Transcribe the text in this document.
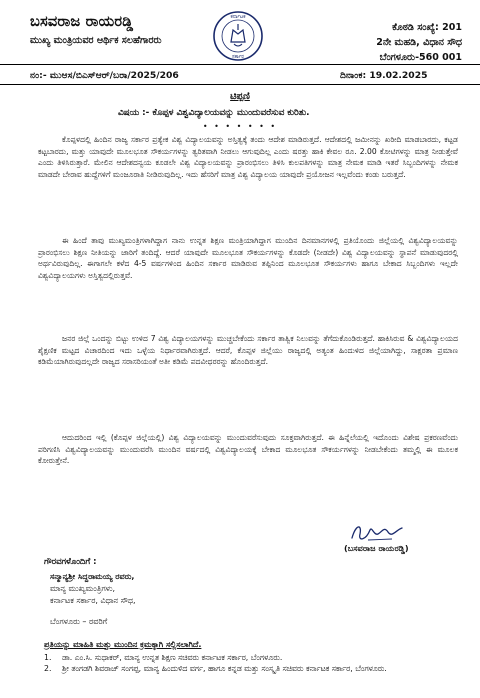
ಬಸವರಾಜ ರಾಯರಡ್ಡಿ
ಮುಖ್ಯ ಮಂತ್ರಿಯವರ ಆರ್ಥಿಕ ಸಲಹೆಗಾರರು
ಕರ್ನಾಟಕ
ಸರ್ಕಾರ
ಕೊಠಡಿ ಸಂಖ್ಯೆ: 201
2ನೇ ಮಹಡಿ, ವಿಧಾನ ಸೌಧ
ಬೆಂಗಳೂರು-560 001
ನಂ:- ಮುಆಸ/ಬಿಎಸ್‌ಆರ್/ಬರಾ/2025/206	ದಿನಾಂಕ: 19.02.2025
ಟಿಪ್ಪಣಿ
ವಿಷಯ :- ಕೊಪ್ಪಳ ವಿಶ್ವವಿದ್ಯಾಲಯವನ್ನು ಮುಂದುವರೆಸುವ ಕುರಿತು.
• • • • • • •

ಕೊಪ್ಪಳದಲ್ಲಿ ಹಿಂದಿನ ರಾಜ್ಯ ಸರ್ಕಾರ ಪ್ರತ್ಯೇಕ ವಿಶ್ವ ವಿದ್ಯಾಲಯವನ್ನು ಅಸ್ತಿತ್ವಕ್ಕೆ ತಂದು ಆದೇಶ ಮಾಡಿರುತ್ತದೆ. ಆದೇಶದಲ್ಲಿ ಜಮೀನನ್ನು ಖರೀದಿ ಮಾಡಬಾರದು, ಕಟ್ಟಡ ಕಟ್ಟಬಾರದು, ಮತ್ತು ಯಾವುದೇ ಮೂಲಭೂತ ಸೌಕರ್ಯಗಳನ್ನು ತ್ವರಿತವಾಗಿ ನೀಡಲು ಆಗುವುದಿಲ್ಲ ಎಂದು ಷರತ್ತು ಹಾಕಿ ಕೇವಲ ರೂ. 2.00 ಕೋಟಿಗಳನ್ನು ಮಾತ್ರ ನೀಡುತ್ತೇವೆ ಎಂದು ತಿಳಿಸಿರುತ್ತಾರೆ. ಮೇಲಿನ ಆದೇಶದನ್ವಯ ಕೂಡಲೇ ವಿಶ್ವ ವಿದ್ಯಾಲಯವನ್ನು ಪ್ರಾರಂಭಿಸಲು ತಿಳಿಸಿ ಕುಲಪತಿಗಳನ್ನು ಮಾತ್ರ ನೇಮಕ ಮಾಡಿ ಇತರೆ ಸಿಬ್ಬಂದಿಗಳನ್ನು ನೇಮಕ ಮಾಡದೇ ಬೇರಾವ ಹುದ್ದೆಗಳಿಗೆ ಮಂಜೂರಾತಿ ನೀಡಿರುವುದಿಲ್ಲ. ಇದು ಹೆಸರಿಗೆ ಮಾತ್ರ ವಿಶ್ವ ವಿದ್ಯಾಲಯ ಯಾವುದೇ ಪ್ರಯೋಜನ ಇಲ್ಲವೆಂದು ಕಂಡು ಬರುತ್ತದೆ.

ಈ ಹಿಂದೆ ತಾವು ಮುಖ್ಯಮಂತ್ರಿಗಳಾಗಿದ್ದಾಗ ನಾನು ಉನ್ನತ ಶಿಕ್ಷಣ ಮಂತ್ರಿಯಾಗಿದ್ದಾಗ ಮುಂದಿನ ದಿನಮಾನಗಳಲ್ಲಿ ಪ್ರತಿಯೊಂದು ಜಿಲ್ಲೆಯಲ್ಲಿ ವಿಶ್ವವಿದ್ಯಾಲಯವನ್ನು ಪ್ರಾರಂಭಿಸಲು ಶಿಕ್ಷಣ ನೀತಿಯನ್ನು ಜಾರಿಗೆ ತಂದಿದ್ದೆ. ಆದರೆ ಯಾವುದೇ ಮೂಲಭೂತ ಸೌಕರ್ಯಗಳನ್ನು ಕೊಡದೇ (ನೀಡದೇ) ವಿಶ್ವ ವಿದ್ಯಾಲಯವನ್ನು ಸ್ಥಾಪನೆ ಮಾಡುವುದರಲ್ಲಿ ಅರ್ಥವಿರುವುದಿಲ್ಲ. ಈಗಾಗಲೇ ಕಳೆದ 4-5 ವರ್ಷಗಳಿಂದ ಹಿಂದಿನ ಸರ್ಕಾರ ಮಾಡಿರುವ ತಪ್ಪಿನಿಂದ ಮೂಲಭೂತ ಸೌಕರ್ಯಗಳು ಹಾಗೂ ಬೇಕಾದ ಸಿಬ್ಬಂದಿಗಳು ಇಲ್ಲದೇ ವಿಶ್ವವಿದ್ಯಾಲಯಗಳು ಅಸ್ತಿತ್ವದಲ್ಲಿರುತ್ತವೆ.

ಜನರ ಜಿಲ್ಲೆ ಒಂದನ್ನು ಬಿಟ್ಟು ಉಳಿದ 7 ವಿಶ್ವ ವಿದ್ಯಾಲಯಗಳನ್ನು ಮುಚ್ಚಬೇಕೆಂದು ಸರ್ಕಾರ ತಾತ್ವಿಕ ನಿಲುವನ್ನು ತೆಗೆದುಕೊಂಡಿರುತ್ತದೆ. ಹಾಕಿಸಿರುವ & ವಿಶ್ವವಿದ್ಯಾಲಯದ ಶೈಕ್ಷಣಿಕ ಮಟ್ಟದ ವಿಚಾರದಿಂದ ಇದು ಒಳ್ಳೆಯ ನಿರ್ಧಾರವಾಗಿರುತ್ತದೆ. ಆದರೆ, ಕೊಪ್ಪಳ ಜಿಲ್ಲೆಯು ರಾಜ್ಯದಲ್ಲಿ ಅತ್ಯಂತ ಹಿಂದುಳಿದ ಜಿಲ್ಲೆಯಾಗಿದ್ದು, ಸಾಕ್ಷರತಾ ಪ್ರಮಾಣ ಕಡಿಮೆಯಾಗಿರುವುದಲ್ಲದೇ ರಾಜ್ಯದ ಸರಾಸರಿಯಂತೆ ಅತೀ ಕಡಿಮೆ ಪದವೀಧರರನ್ನು ಹೊಂದಿರುತ್ತದೆ.

ಆದುದರಿಂದ ಇಲ್ಲಿ (ಕೊಪ್ಪಳ ಜಿಲ್ಲೆಯಲ್ಲಿ) ವಿಶ್ವ ವಿದ್ಯಾಲಯವನ್ನು ಮುಂದುವರೆಸುವುದು ಸೂಕ್ತವಾಗಿರುತ್ತದೆ. ಈ ಹಿನ್ನೆಲೆಯಲ್ಲಿ ಇದೊಂದು ವಿಶೇಷ ಪ್ರಕರಣವೆಂದು ಪರಿಗಣಿಸಿ ವಿಶ್ವವಿದ್ಯಾಲಯವನ್ನು ಮುಂದುವರೆಸಿ ಮುಂದಿನ ವರ್ಷದಲ್ಲಿ ವಿಶ್ವವಿದ್ಯಾಲಯಕ್ಕೆ ಬೇಕಾದ ಮೂಲಭೂತ ಸೌಕರ್ಯಗಳನ್ನು ನೀಡಬೇಕೆಂದು ತಮ್ಮಲ್ಲಿ ಈ ಮೂಲಕ ಕೋರುತ್ತೇನೆ.

(ಬಸವರಾಜ ರಾಯರಡ್ಡಿ)
ಗೌರವಗಳೊಂದಿಗೆ :
ಸನ್ಮಾನ್ಯಶ್ರೀ ಸಿದ್ದರಾಮಯ್ಯ ರವರು,
ಮಾನ್ಯ ಮುಖ್ಯಮಂತ್ರಿಗಳು,
ಕರ್ನಾಟಕ ಸರ್ಕಾರ, ವಿಧಾನ ಸೌಧ,
ಬೆಂಗಳೂರು – ರವರಿಗೆ
ಪ್ರತಿಯನ್ನು ಮಾಹಿತಿ ಮತ್ತು ಮುಂದಿನ ಕ್ರಮಕ್ಕಾಗಿ ಸಲ್ಲಿಸಲಾಗಿದೆ.
1.	ಡಾ. ಎಂ.ಸಿ. ಸುಧಾಕರ್, ಮಾನ್ಯ ಉನ್ನತ ಶಿಕ್ಷಣ ಸಚಿವರು ಕರ್ನಾಟಕ ಸರ್ಕಾರ, ಬೆಂಗಳೂರು.
2.	ಶ್ರೀ ತಂಗಡಗಿ ಶಿವರಾಜ್ ಸಂಗಪ್ಪ, ಮಾನ್ಯ ಹಿಂದುಳಿದ ವರ್ಗ, ಹಾಗೂ ಕನ್ನಡ ಮತ್ತು ಸಂಸ್ಕೃತಿ ಸಚಿವರು ಕರ್ನಾಟಕ ಸರ್ಕಾರ, ಬೆಂಗಳೂರು.
